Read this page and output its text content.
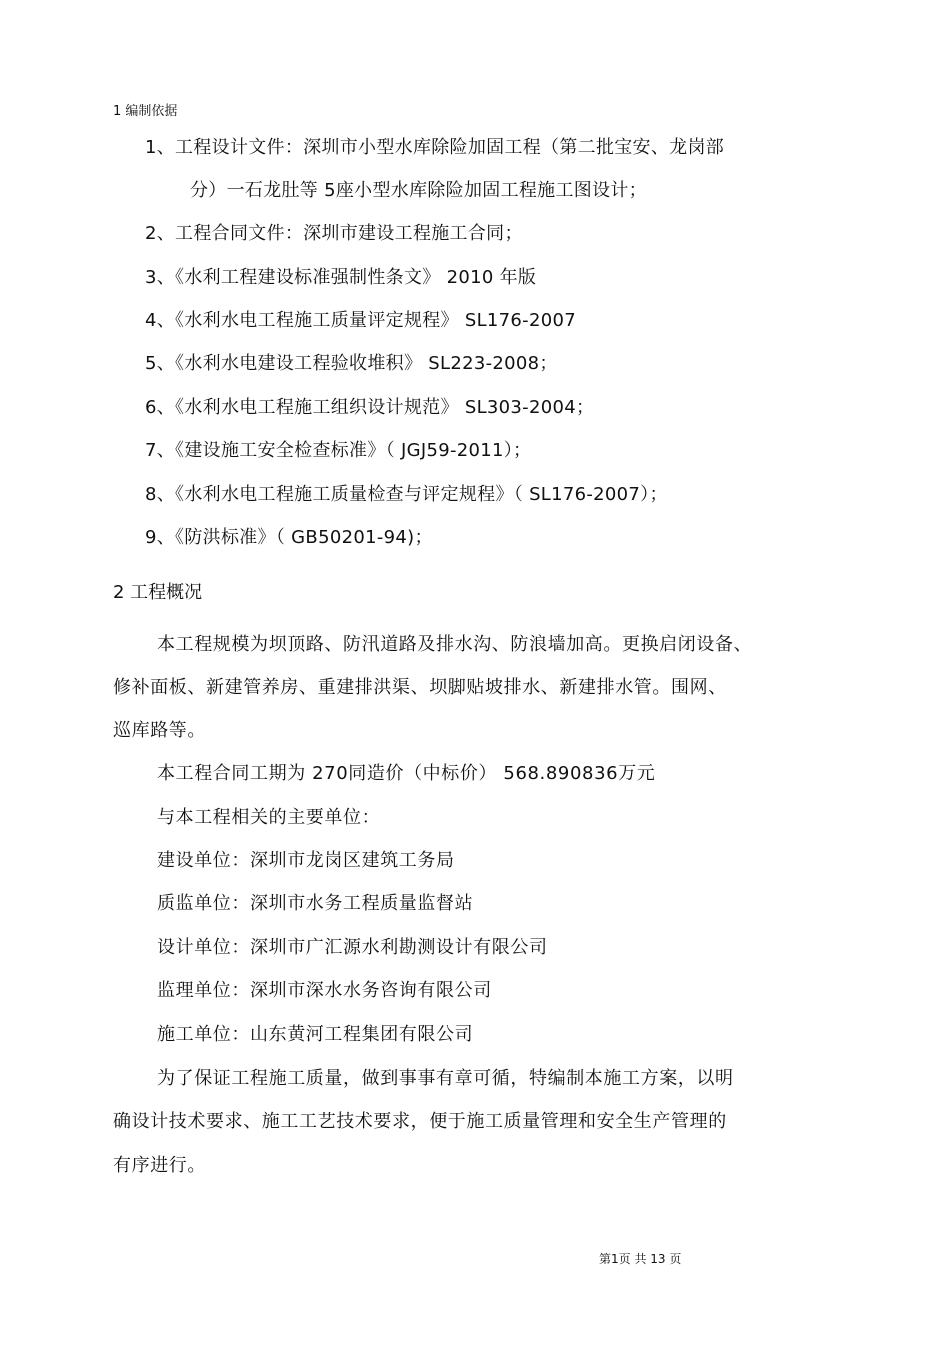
1 编制依据
1、工程设计文件：深圳市小型水库除险加固工程（第二批宝安、龙岗部
分）一石龙肚等 5座小型水库除险加固工程施工图设计；
2、工程合同文件：深圳市建设工程施工合同；
3、《水利工程建设标准强制性条文》 2010 年版
4、《水利水电工程施工质量评定规程》 SL176-2007
5、《水利水电建设工程验收堆积》 SL223-2008；
6、《水利水电工程施工组织设计规范》 SL303-2004；
7、《建设施工安全检查标准》（ JGJ59-2011）；
8、《水利水电工程施工质量检查与评定规程》（ SL176-2007）；
9、《防洪标准》（ GB50201-94)；
2 工程概况
本工程规模为坝顶路、防汛道路及排水沟、防浪墙加高。更换启闭设备、
修补面板、新建管养房、重建排洪渠、坝脚贴坡排水、新建排水管。围网、
巡库路等。
本工程合同工期为 270同造价（中标价） 568.890836万元
与本工程相关的主要单位：
建设单位：深圳市龙岗区建筑工务局
质监单位：深圳市水务工程质量监督站
设计单位：深圳市广汇源水利勘测设计有限公司
监理单位：深圳市深水水务咨询有限公司
施工单位：山东黄河工程集团有限公司
为了保证工程施工质量，做到事事有章可循，特编制本施工方案，以明
确设计技术要求、施工工艺技术要求，便于施工质量管理和安全生产管理的
有序进行。
第1页 共 13 页
